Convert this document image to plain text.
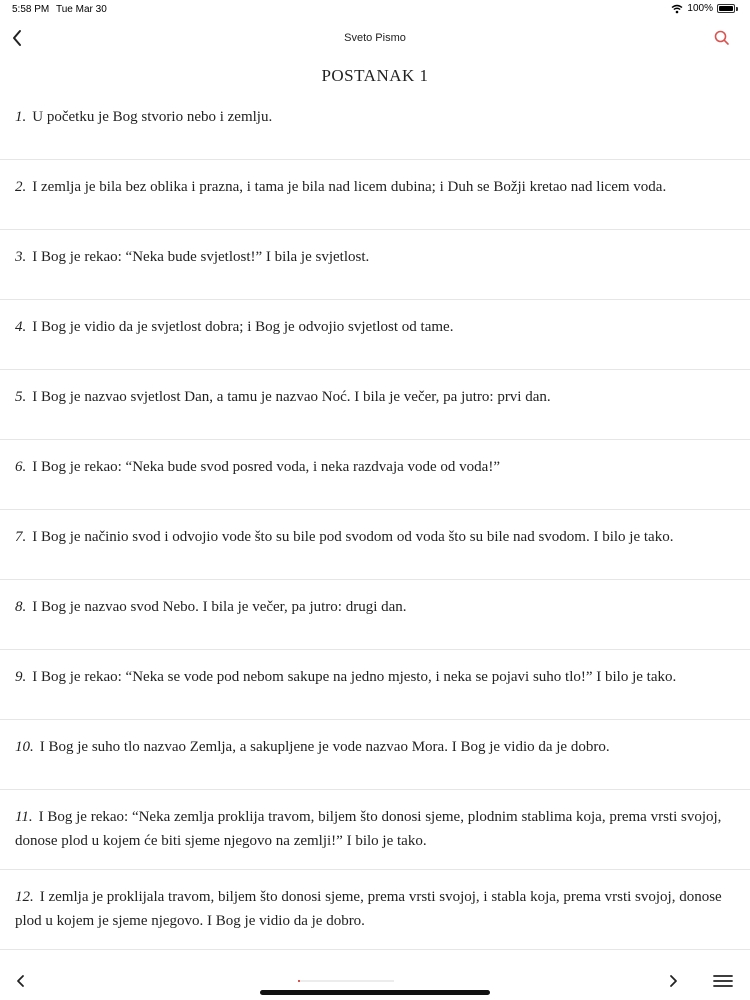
5:58 PM Tue Mar 30	100%
Sveto Pismo
POSTANAK 1
1. U početku je Bog stvorio nebo i zemlju.
2. I zemlja je bila bez oblika i prazna, i tama je bila nad licem dubina; i Duh se Božji kretao nad licem voda.
3. I Bog je rekao: “Neka bude svjetlost!” I bila je svjetlost.
4. I Bog je vidio da je svjetlost dobra; i Bog je odvojio svjetlost od tame.
5. I Bog je nazvao svjetlost Dan, a tamu je nazvao Noć. I bila je večer, pa jutro: prvi dan.
6. I Bog je rekao: “Neka bude svod posred voda, i neka razdvaja vode od voda!”
7. I Bog je načinio svod i odvojio vode što su bile pod svodom od voda što su bile nad svodom. I bilo je tako.
8. I Bog je nazvao svod Nebo. I bila je večer, pa jutro: drugi dan.
9. I Bog je rekao: “Neka se vode pod nebom sakupe na jedno mjesto, i neka se pojavi suho tlo!” I bilo je tako.
10. I Bog je suho tlo nazvao Zemlja, a sakupljene je vode nazvao Mora. I Bog je vidio da je dobro.
11. I Bog je rekao: “Neka zemlja proklija travom, biljem što donosi sjeme, plodnim stablima koja, prema vrsti svojoj, donose plod u kojem će biti sjeme njegovo na zemlji!” I bilo je tako.
12. I zemlja je proklijala travom, biljem što donosi sjeme, prema vrsti svojoj, i stabla koja, prema vrsti svojoj, donose plod u kojem je sjeme njegovo. I Bog je vidio da je dobro.
